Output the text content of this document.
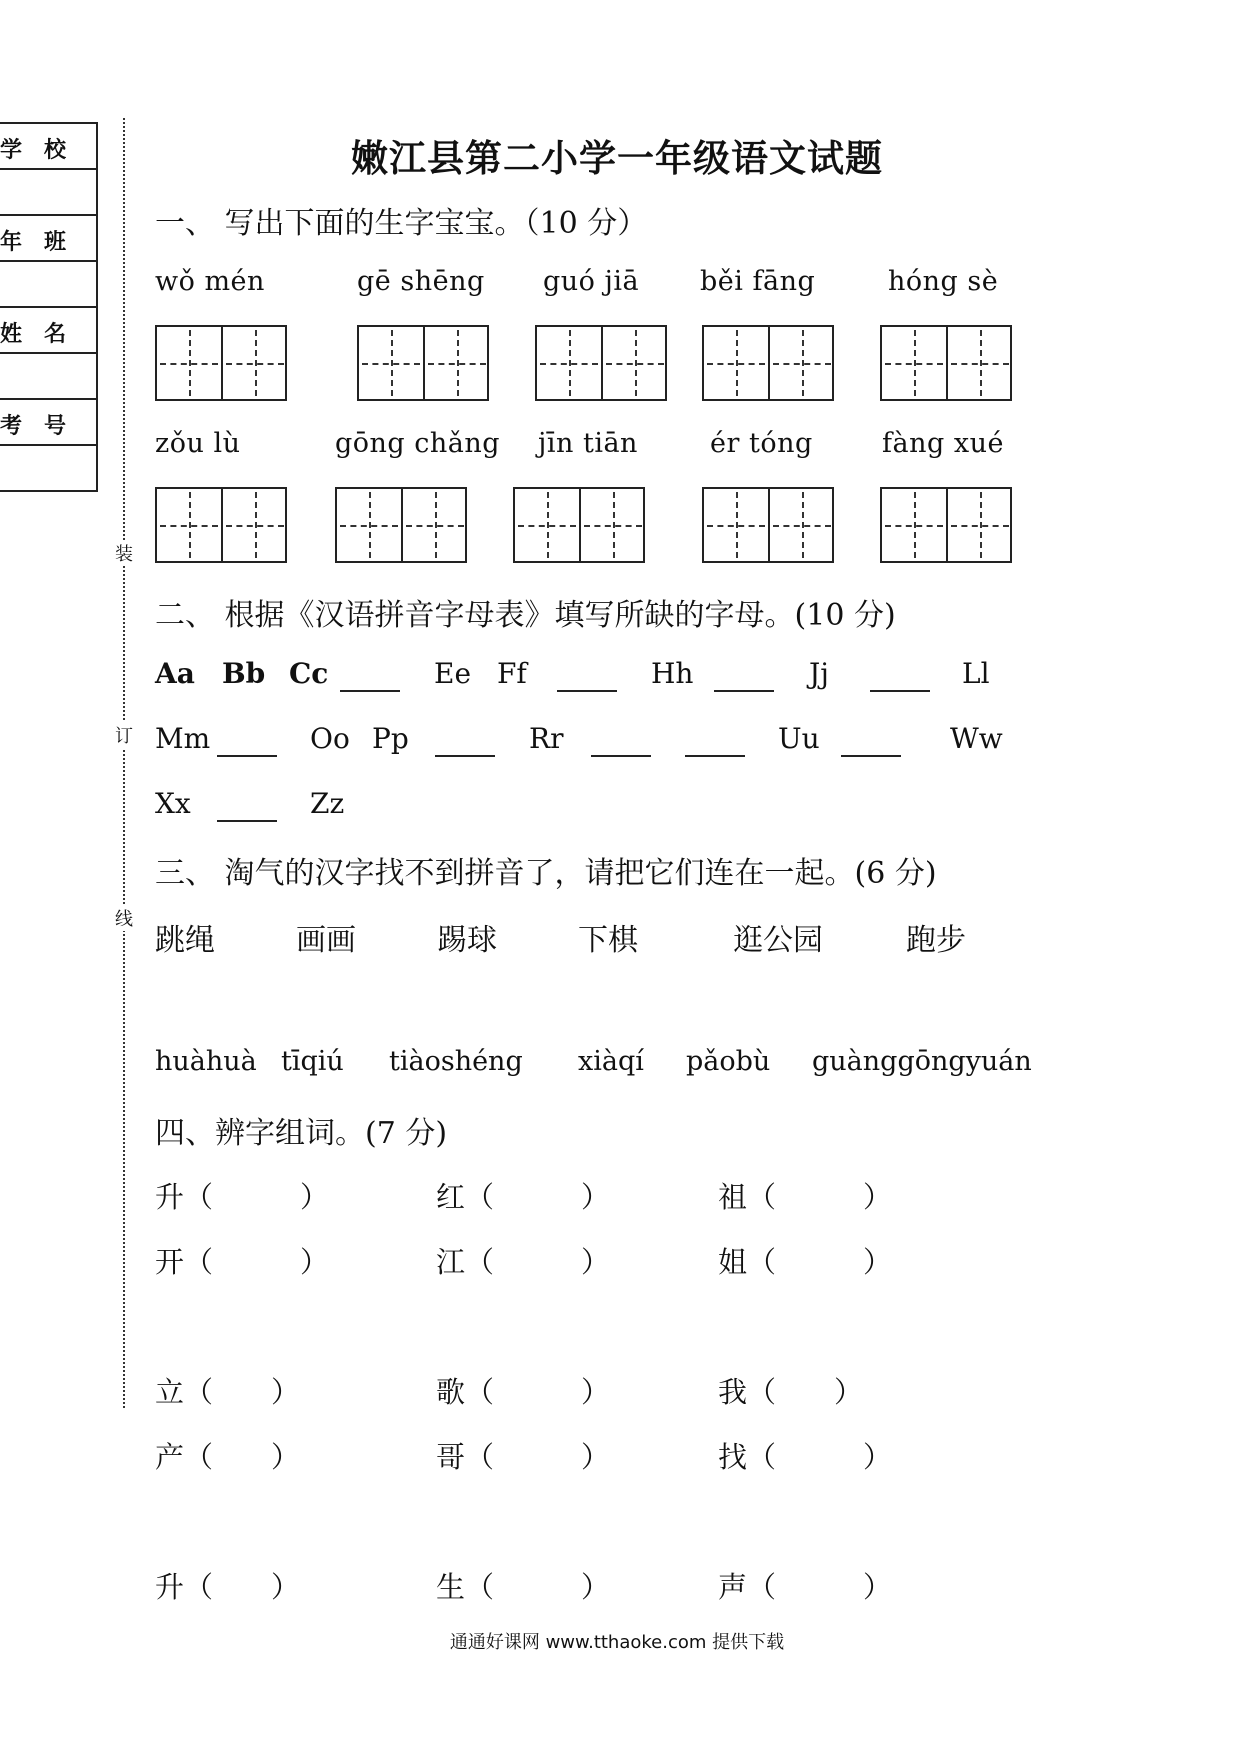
学　校
年　班
姓　名
考　号
装
订
线
嫩江县第二小学一年级语文试题
一、 写出下面的生字宝宝。（10 分）
wǒ mén	gē shēng guó jiā běi fāng	hóng sè
zǒu lù	gōng chǎng jīn tiān	ér tóng	fàng xué
二、 根据《汉语拼音字母表》填写所缺的字母。(10 分)
Aa Bb Cc	Ee Ff	Hh	Jj	Ll
Mm	Oo Pp	Rr	Uu	Ww
Xx	Zz
三、 淘气的汉字找不到拼音了，请把它们连在一起。(6 分)
跳绳	画画	踢球	下棋	逛公园	跑步
huàhuà tīqiú tiàoshéng xiàqí pǎobù guànggōngyuán
四、辨字组词。(7 分)
升（　　　）	红（　　　）	祖（　　　）
开（　　　）	江（　　　）	姐（　　　）
立（　　）	歌（　　　）	我（　　）
产（　　）	哥（　　　）	找（　　　）
升（　　）	生（　　　）	声（　　　）
通通好课网 www.tthaoke.com 提供下载
